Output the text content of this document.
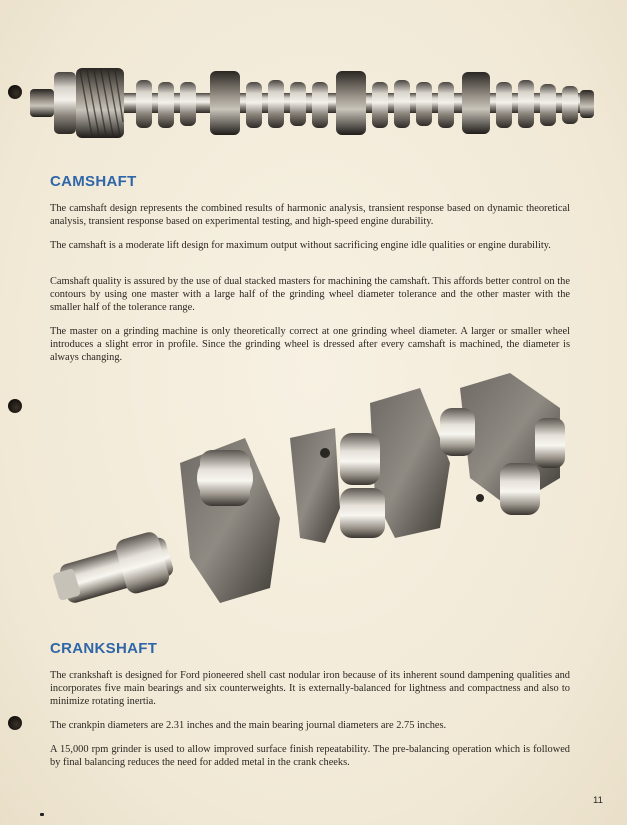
CAMSHAFT

The camshaft design represents the combined results of harmonic analysis, transient response based on dynamic theoretical analysis, transient response based on experimental testing, and high-speed engine durability.

The camshaft is a moderate lift design for maximum output without sacrificing engine idle qualities or engine durability.

Camshaft quality is assured by the use of dual stacked masters for machining the camshaft. This affords better control on the contours by using one master with a large half of the grinding wheel diameter tolerance and the other master with the smaller half of the tolerance range.

The master on a grinding machine is only theoretically correct at one grinding wheel diameter. A larger or smaller wheel introduces a slight error in profile. Since the grinding wheel is dressed after every camshaft is machined, the diameter is always changing.

CRANKSHAFT

The crankshaft is designed for Ford pioneered shell cast nodular iron because of its inherent sound dampening qualities and incorporates five main bearings and six counterweights. It is externally-balanced for lightness and compactness and also to minimize rotating inertia.

The crankpin diameters are 2.31 inches and the main bearing journal diameters are 2.75 inches.

A 15,000 rpm grinder is used to allow improved surface finish repeatability. The pre-balancing operation which is followed by final balancing reduces the need for added metal in the crank cheeks.

11
